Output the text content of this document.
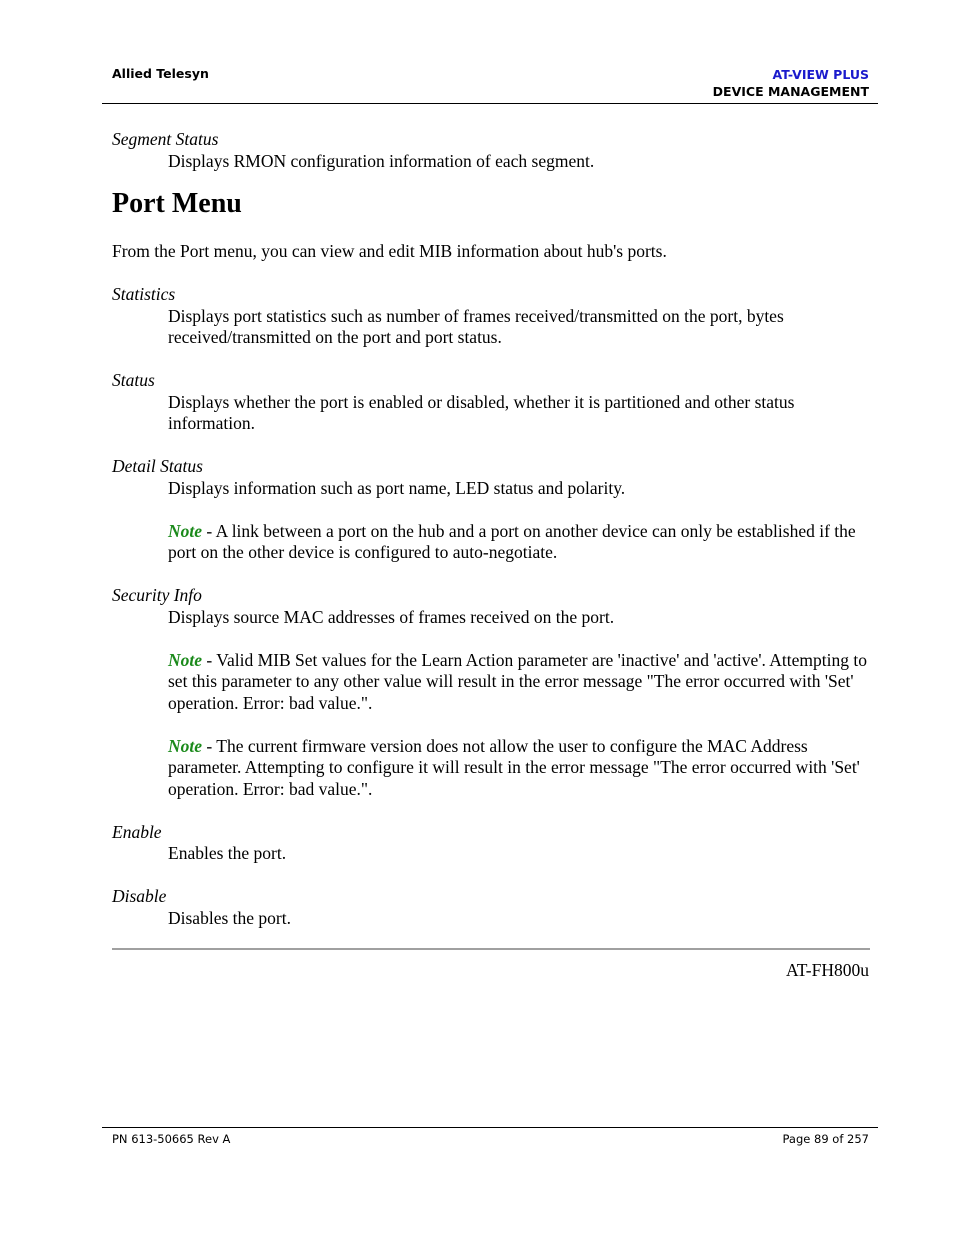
Allied Telesyn	AT-VIEW PLUS
DEVICE MANAGEMENT

Segment Status

Displays RMON configuration information of each segment.

Port Menu

From the Port menu, you can view and edit MIB information about hub's ports.

Statistics

Displays port statistics such as number of frames received/transmitted on the port, bytes received/transmitted on the port and port status.

Status

Displays whether the port is enabled or disabled, whether it is partitioned and other status information.

Detail Status

Displays information such as port name, LED status and polarity.

Note - A link between a port on the hub and a port on another device can only be established if the port on the other device is configured to auto-negotiate.

Security Info

Displays source MAC addresses of frames received on the port.

Note - Valid MIB Set values for the Learn Action parameter are 'inactive' and 'active'. Attempting to set this parameter to any other value will result in the error message "The error occurred with 'Set' operation. Error: bad value.".

Note - The current firmware version does not allow the user to configure the MAC Address parameter. Attempting to configure it will result in the error message "The error occurred with 'Set' operation. Error: bad value.".

Enable

Enables the port.

Disable

Disables the port.

AT-FH800u
PN 613-50665 Rev A	Page 89 of 257
